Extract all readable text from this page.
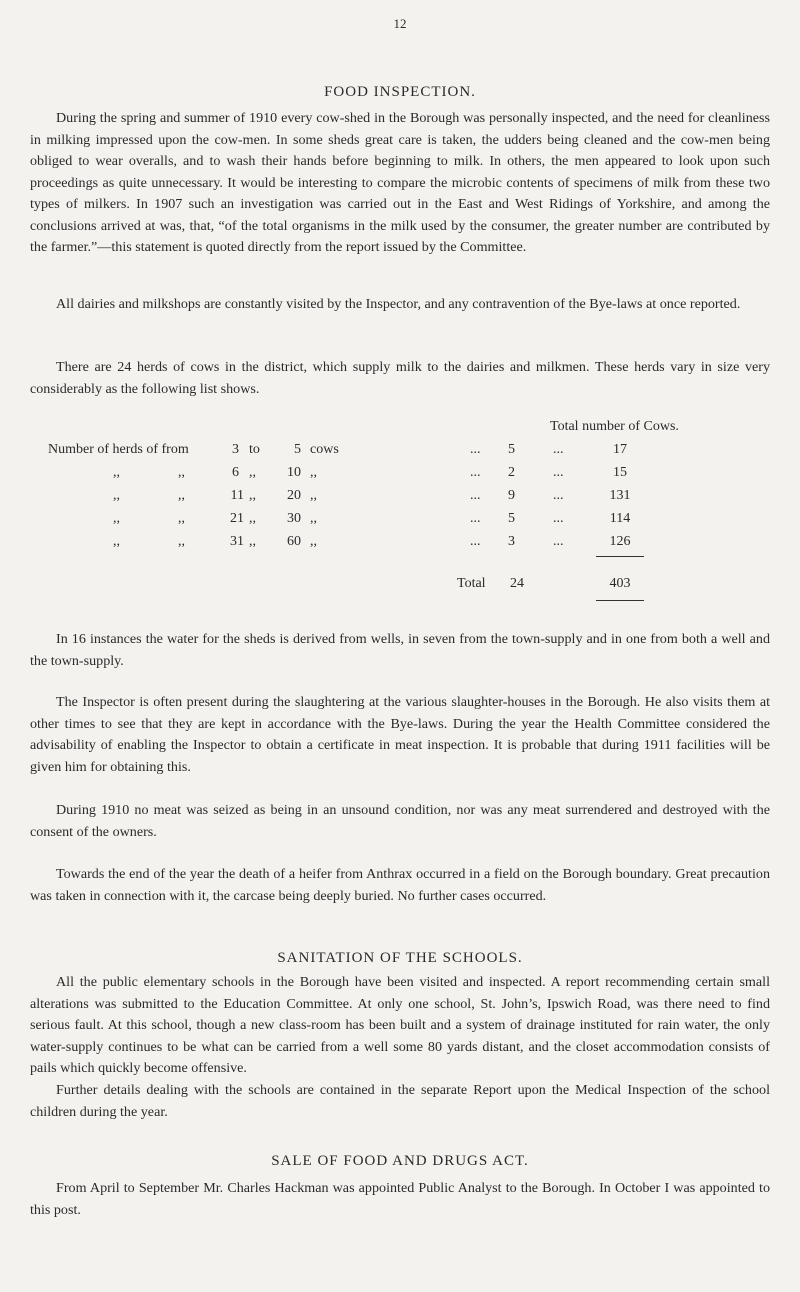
12
FOOD INSPECTION.

During the spring and summer of 1910 every cow-shed in the Borough was personally inspected, and the need for cleanliness in milking impressed upon the cow-men. In some sheds great care is taken, the udders being cleaned and the cow-men being obliged to wear overalls, and to wash their hands before beginning to milk. In others, the men appeared to look upon such proceedings as quite unnecessary. It would be interesting to compare the microbic contents of specimens of milk from these two types of milkers. In 1907 such an investigation was carried out in the East and West Ridings of Yorkshire, and among the conclusions arrived at was, that, “of the total organisms in the milk used by the consumer, the greater number are contributed by the farmer.”—this statement is quoted directly from the report issued by the Committee.

All dairies and milkshops are constantly visited by the Inspector, and any contravention of the Bye-laws at once reported.

There are 24 herds of cows in the district, which supply milk to the dairies and milkmen. These herds vary in size very considerably as the following list shows.

Total number of Cows.
Number of herds of from	3 to	5 cows	... 5	...	17
,,	,,	6 ,,	10 ,,	... 2	...	15
,,	,,	11 ,,	20 ,,	... 9	...	131
,,	,,	21 ,,	30 ,,	... 5	...	114
,,	,,	31 ,,	60 ,,	... 3	...	126
Total	24	403

In 16 instances the water for the sheds is derived from wells, in seven from the town-supply and in one from both a well and the town-supply.

The Inspector is often present during the slaughtering at the various slaughter-houses in the Borough. He also visits them at other times to see that they are kept in accordance with the Bye-laws. During the year the Health Committee considered the advisability of enabling the Inspector to obtain a certificate in meat inspection. It is probable that during 1911 facilities will be given him for obtaining this.

During 1910 no meat was seized as being in an unsound condition, nor was any meat surrendered and destroyed with the consent of the owners.

Towards the end of the year the death of a heifer from Anthrax occurred in a field on the Borough boundary. Great precaution was taken in connection with it, the carcase being deeply buried. No further cases occurred.

SANITATION OF THE SCHOOLS.

All the public elementary schools in the Borough have been visited and inspected. A report recommending certain small alterations was submitted to the Education Committee. At only one school, St. John’s, Ipswich Road, was there need to find serious fault. At this school, though a new class-room has been built and a system of drainage instituted for rain water, the only water-supply continues to be what can be carried from a well some 80 yards distant, and the closet accommodation consists of pails which quickly become offensive.

Further details dealing with the schools are contained in the separate Report upon the Medical Inspection of the school children during the year.

SALE OF FOOD AND DRUGS ACT.

From April to September Mr. Charles Hackman was appointed Public Analyst to the Borough. In October I was appointed to this post.
